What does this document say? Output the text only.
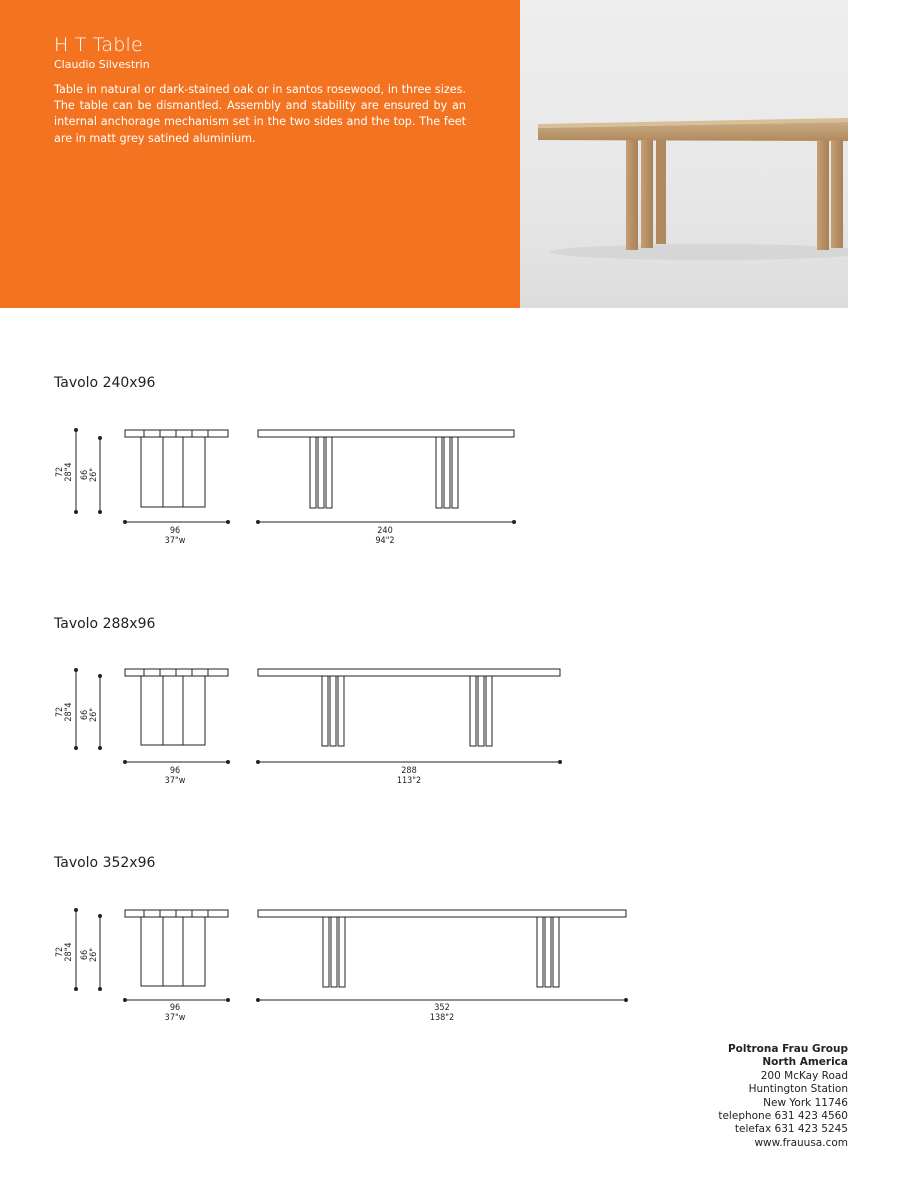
H T Table
Claudio Silvestrin

Table in natural or dark-stained oak or in santos rosewood, in three sizes. The table can be dismantled. Assembly and stability are ensured by an internal anchorage mechanism set in the two sides and the top. The feet are in matt grey satined aluminium.

Tavolo 240x96
72 28"4 66 26"
96
37"w
240
94"2
Tavolo 288x96
72 28"4 66 26"
96
37"w
288
113"2
Tavolo 352x96
72 28"4 66 26"
96
37"w
352
138"2
Poltrona Frau Group
North America
200 McKay Road
Huntington Station
New York 11746
telephone 631 423 4560
telefax 631 423 5245
www.frauusa.com
